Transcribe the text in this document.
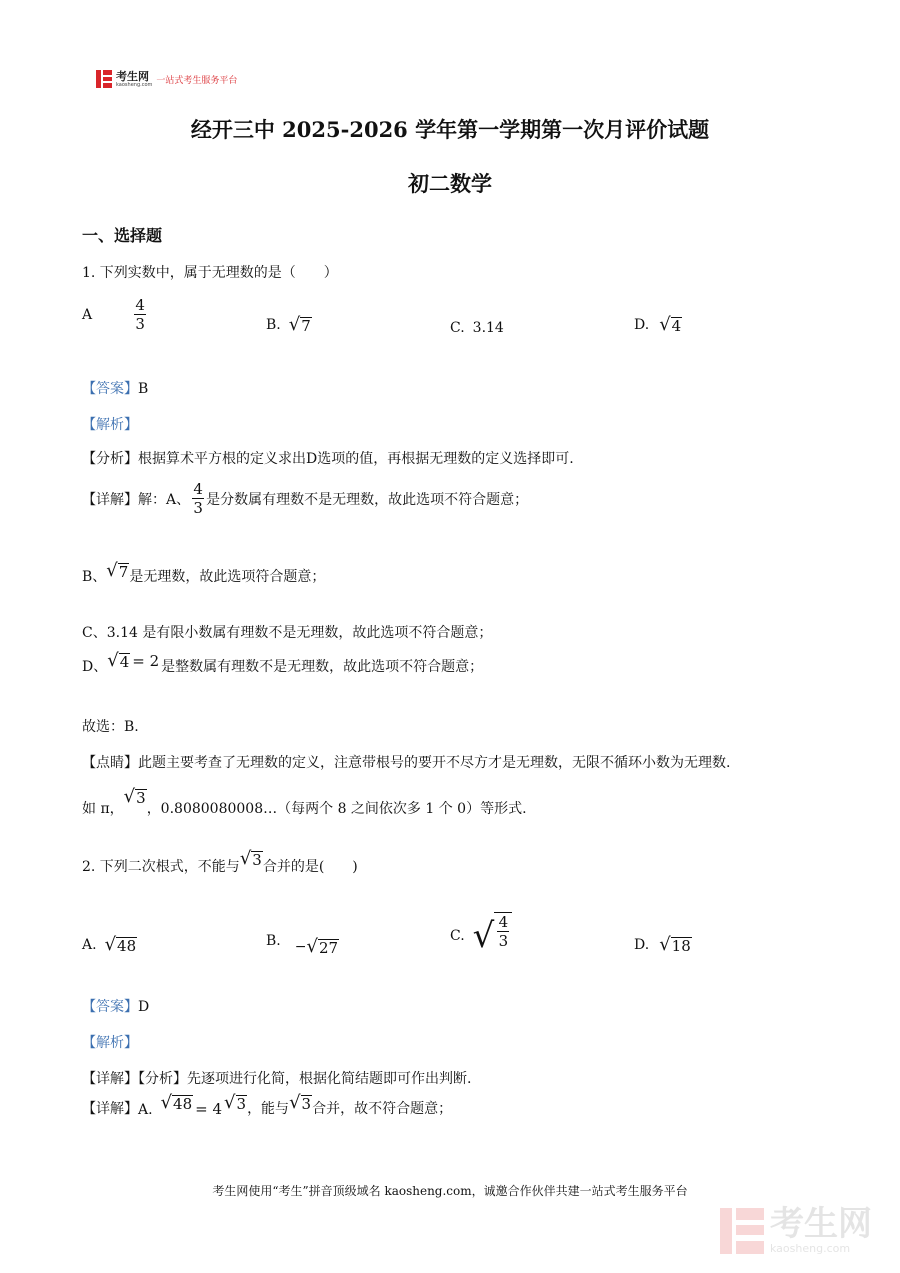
考生网
kaosheng.com 一站式考生服务平台
经开三中 2025-2026 学年第一学期第一次月评价试题
初二数学
一、选择题
1. 下列实数中，属于无理数的是（　　）
A	$\frac{4}{3}$	B. √ 7	C. 3.14	D. √ 4
【答案】B
【解析】
【分析】根据算术平方根的定义求出D选项的值，再根据无理数的定义选择即可.
【详解】 解：A、 $\frac{4}{3}$ 是分数属有理数不是无理数，故此选项不符合题意；
B、 √ 7 是无理数，故此选项符合题意；
C、3.14 是有限小数属有理数不是无理数，故此选项不符合题意；
D、 √ 4 = 2 是整数属有理数不是无理数，故此选项不符合题意；
故选：B.
【点睛】此题主要考查了无理数的定义，注意带根号的要开不尽方才是无理数，无限不循环小数为无理数.
如 π，
√ 3
，0.8080080008…（每两个 8 之间依次多 1 个 0）等形式.
2. 下列二次根式，不能与 √ 3 合并的是(　　)
A. √ 48	B. − √ 27
C. √ $\frac{4}{3}$	D. √ 18
【答案】D
【解析】
【详解】【分析】先逐项进行化简，根据化简结题即可作出判断.
【详解】 A. √ 48 = 4 √ 3 ，能与 √ 3 合并，故不符合题意；
考生网使用“考生”拼音顶级域名 kaosheng.com，诚邀合作伙伴共建一站式考生服务平台
考生网
kaosheng.com
